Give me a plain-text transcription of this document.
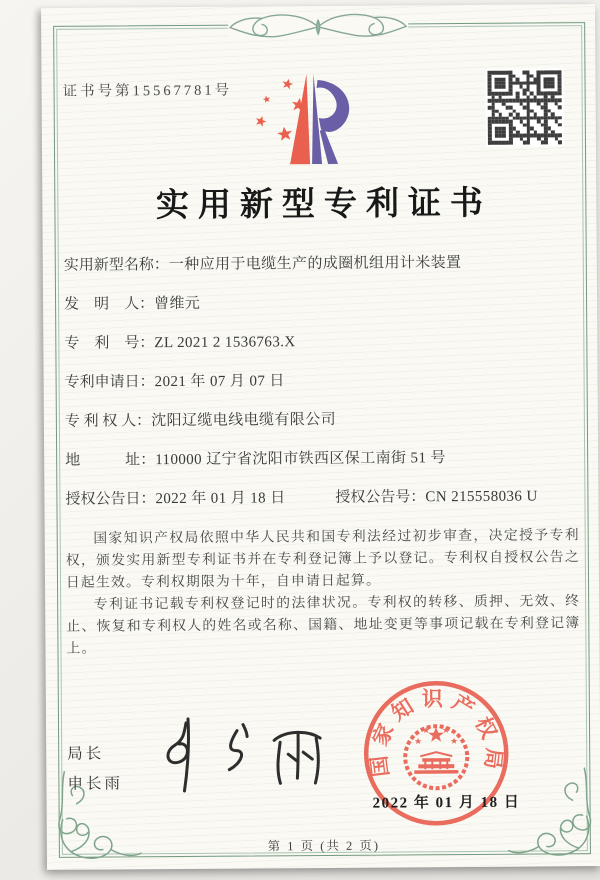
证书号第15567781号
实用新型专利证书
实用新型名称：一种应用于电缆生产的成圈机组用计米装置
发　明　人：曾维元
专　利　号：ZL 2021 2 1536763.X
专利申请日：2021 年 07 月 07 日
专 利 权 人：沈阳辽缆电线电缆有限公司
地　　　址：110000 辽宁省沈阳市铁西区保工南街 51 号
授权公告日：2022 年 01 月 18 日	授权公告号：CN 215558036 U

国家知识产权局依照中华人民共和国专利法经过初步审查，决定授予专利权，颁发实用新型专利证书并在专利登记簿上予以登记。专利权自授权公告之日起生效。专利权期限为十年，自申请日起算。

专利证书记载专利权登记时的法律状况。专利权的转移、质押、无效、终止、恢复和专利权人的姓名或名称、国籍、地址变更等事项记载在专利登记簿上。

局长
申长雨
国家知识产权局
2022 年 01 月 18 日
第 1 页 (共 2 页)
